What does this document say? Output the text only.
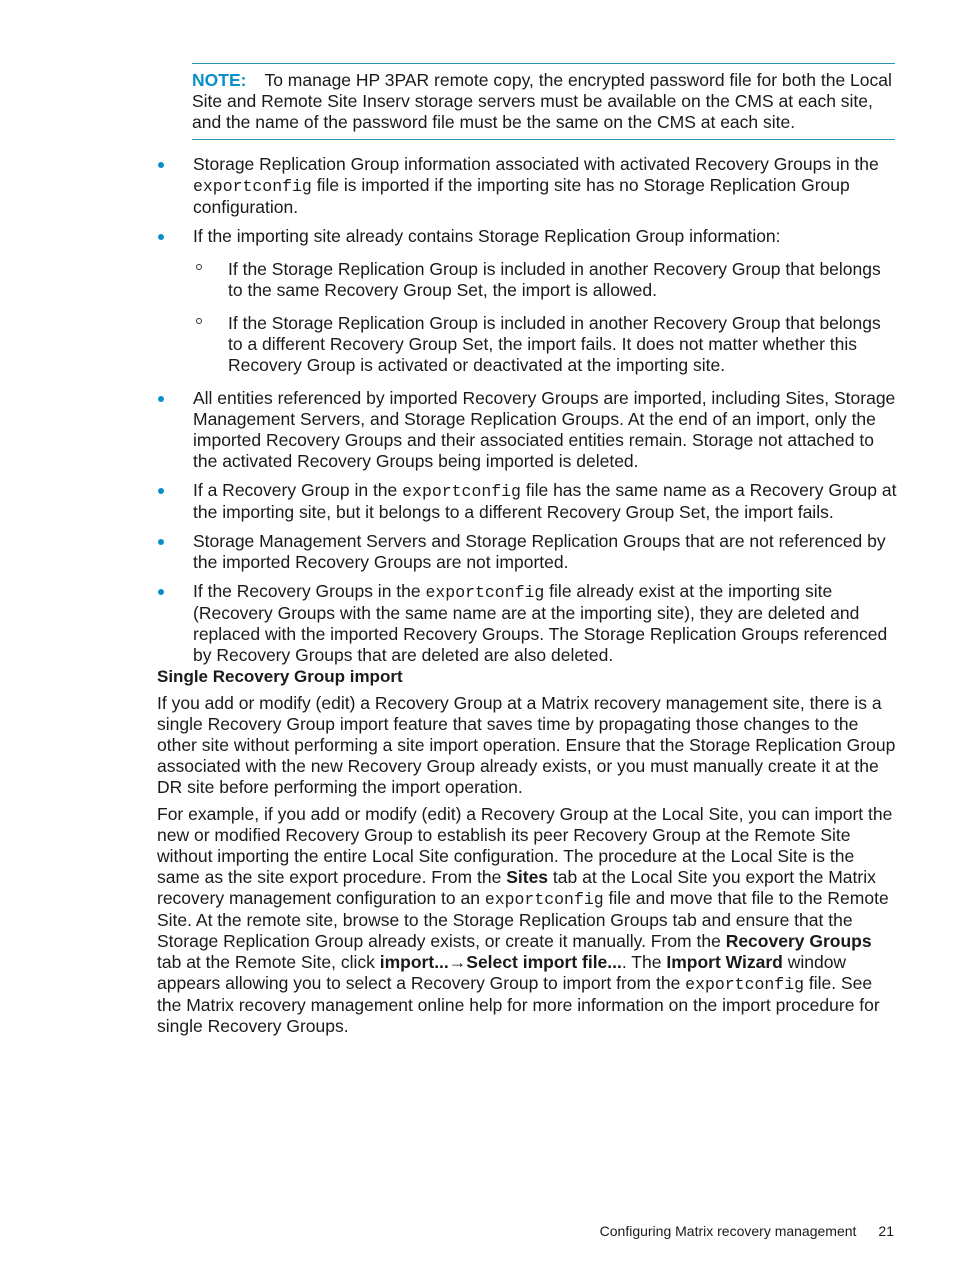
NOTE: To manage HP 3PAR remote copy, the encrypted password file for both the Local Site and Remote Site Inserv storage servers must be available on the CMS at each site, and the name of the password file must be the same on the CMS at each site.
Storage Replication Group information associated with activated Recovery Groups in the exportconfig file is imported if the importing site has no Storage Replication Group configuration.
If the importing site already contains Storage Replication Group information:
If the Storage Replication Group is included in another Recovery Group that belongs to the same Recovery Group Set, the import is allowed.
If the Storage Replication Group is included in another Recovery Group that belongs to a different Recovery Group Set, the import fails. It does not matter whether this Recovery Group is activated or deactivated at the importing site.
All entities referenced by imported Recovery Groups are imported, including Sites, Storage Management Servers, and Storage Replication Groups. At the end of an import, only the imported Recovery Groups and their associated entities remain. Storage not attached to the activated Recovery Groups being imported is deleted.
If a Recovery Group in the exportconfig file has the same name as a Recovery Group at the importing site, but it belongs to a different Recovery Group Set, the import fails.
Storage Management Servers and Storage Replication Groups that are not referenced by the imported Recovery Groups are not imported.
If the Recovery Groups in the exportconfig file already exist at the importing site (Recovery Groups with the same name are at the importing site), they are deleted and replaced with the imported Recovery Groups. The Storage Replication Groups referenced by Recovery Groups that are deleted are also deleted.
Single Recovery Group import

If you add or modify (edit) a Recovery Group at a Matrix recovery management site, there is a single Recovery Group import feature that saves time by propagating those changes to the other site without performing a site import operation. Ensure that the Storage Replication Group associated with the new Recovery Group already exists, or you must manually create it at the DR site before performing the import operation.

For example, if you add or modify (edit) a Recovery Group at the Local Site, you can import the new or modified Recovery Group to establish its peer Recovery Group at the Remote Site without importing the entire Local Site configuration. The procedure at the Local Site is the same as the site export procedure. From the Sites tab at the Local Site you export the Matrix recovery management configuration to an exportconfig file and move that file to the Remote Site. At the remote site, browse to the Storage Replication Groups tab and ensure that the Storage Replication Group already exists, or create it manually. From the Recovery Groups tab at the Remote Site, click import...→Select import file.... The Import Wizard window appears allowing you to select a Recovery Group to import from the exportconfig file. See the Matrix recovery management online help for more information on the import procedure for single Recovery Groups.

Configuring Matrix recovery management 21
